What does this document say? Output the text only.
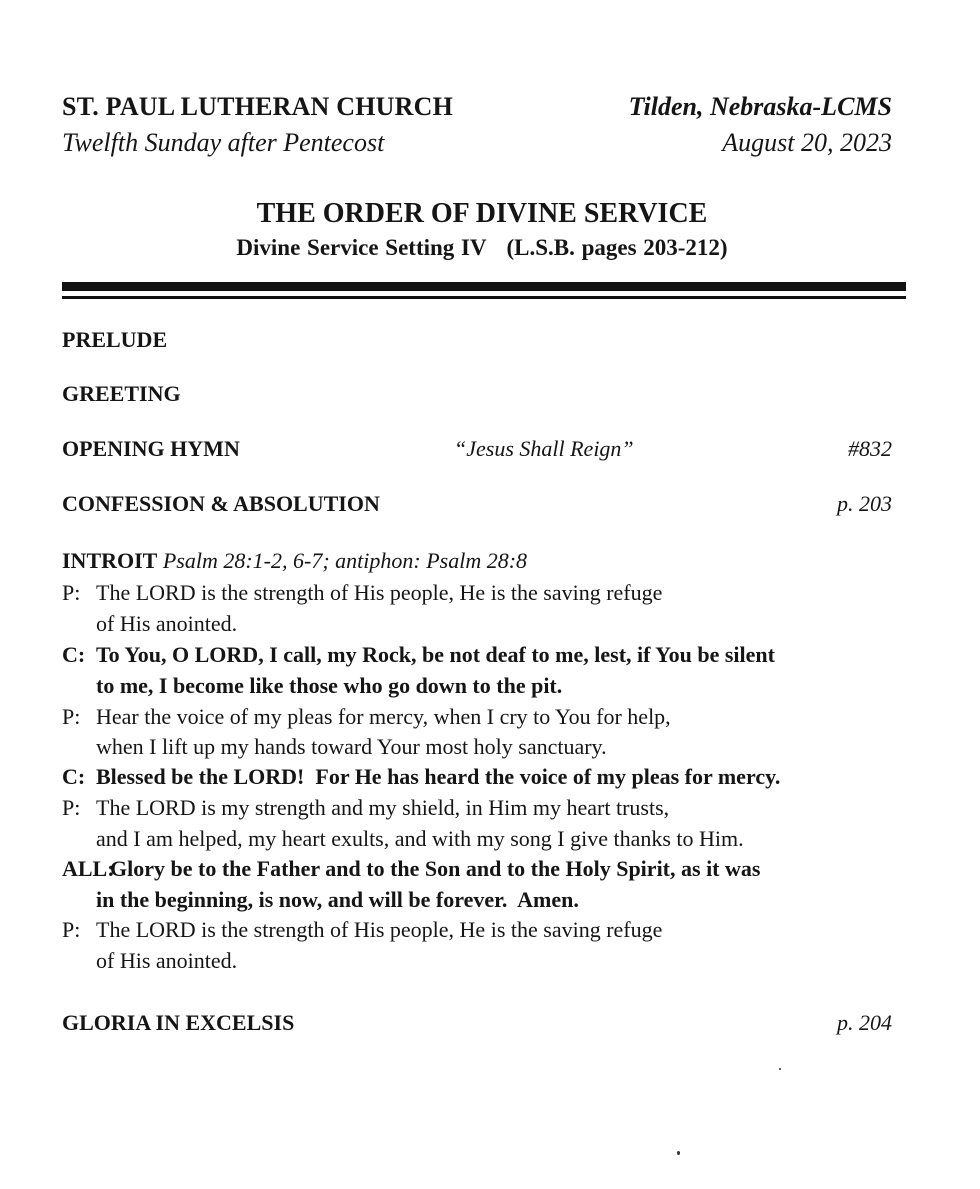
ST. PAUL LUTHERAN CHURCH	Tilden, Nebraska-LCMS
Twelfth Sunday after Pentecost	August 20, 2023
THE ORDER OF DIVINE SERVICE
Divine Service Setting IV   (L.S.B. pages 203-212)
PRELUDE
GREETING
OPENING HYMN	“Jesus Shall Reign”	#832
CONFESSION & ABSOLUTION	p. 203
INTROIT Psalm 28:1-2, 6-7; antiphon: Psalm 28:8
P: The LORD is the strength of His people, He is the saving refuge
of His anointed.
C: To You, O LORD, I call, my Rock, be not deaf to me, lest, if You be silent
to me, I become like those who go down to the pit.
P: Hear the voice of my pleas for mercy, when I cry to You for help,
when I lift up my hands toward Your most holy sanctuary.
C: Blessed be the LORD!  For He has heard the voice of my pleas for mercy.
P: The LORD is my strength and my shield, in Him my heart trusts,
and I am helped, my heart exults, and with my song I give thanks to Him.
ALL:
Glory be to the Father and to the Son and to the Holy Spirit, as it was
in the beginning, is now, and will be forever.  Amen.
P: The LORD is the strength of His people, He is the saving refuge
of His anointed.
GLORIA IN EXCELSIS	p. 204
